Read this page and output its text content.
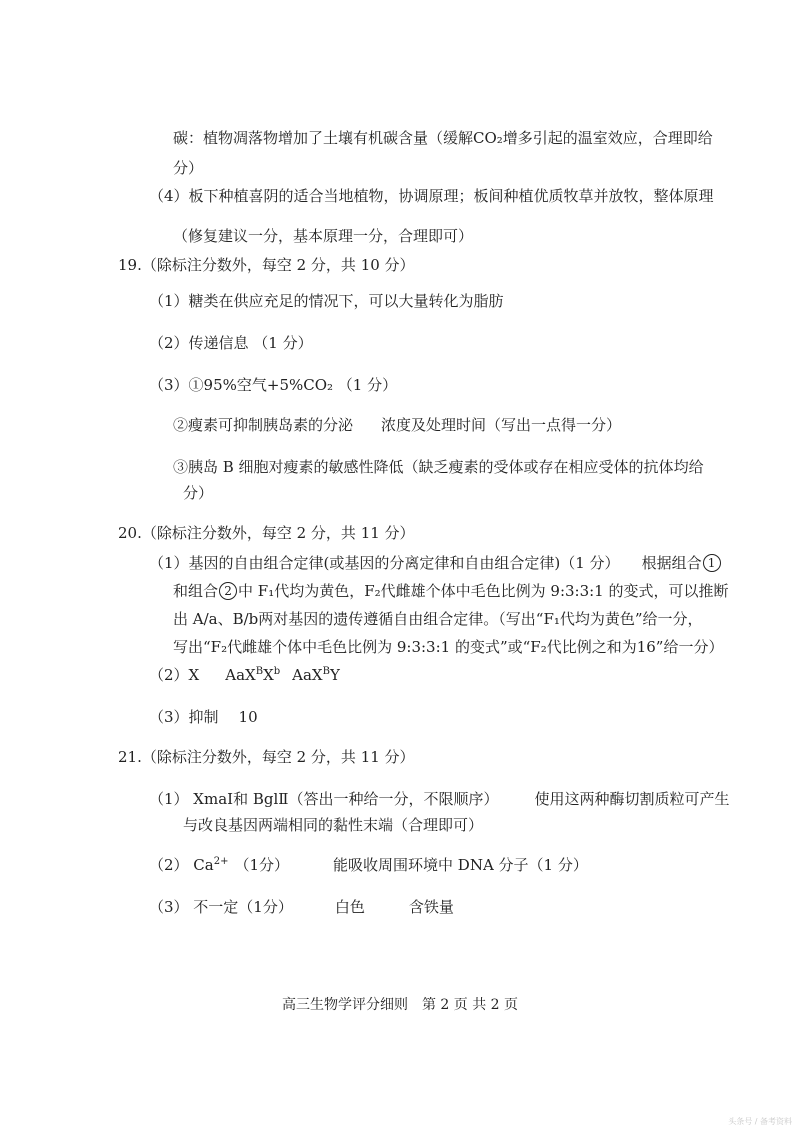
碳：植物凋落物增加了土壤有机碳含量（缓解CO₂增多引起的温室效应，合理即给
分）
（4）板下种植喜阴的适合当地植物，协调原理；板间种植优质牧草并放牧，整体原理
（修复建议一分，基本原理一分，合理即可）
19.（除标注分数外，每空 2 分，共 10 分）
（1）糖类在供应充足的情况下，可以大量转化为脂肪
（2）传递信息 （1 分）
（3）①95%空气+5%CO₂ （1 分）
②瘦素可抑制胰岛素的分泌 浓度及处理时间（写出一点得一分）
③胰岛 B 细胞对瘦素的敏感性降低（缺乏瘦素的受体或存在相应受体的抗体均给
分）
20.（除标注分数外，每空 2 分，共 11 分）
（1）基因的自由组合定律(或基因的分离定律和自由组合定律)（1 分） 根据组合 1
和组合 2 中 F₁代均为黄色，F₂代雌雄个体中毛色比例为 9:3:3:1 的变式，可以推断
出 A/a、B/b两对基因的遗传遵循自由组合定律。（写出“F₁代均为黄色”给一分，
写出“F₂代雌雄个体中毛色比例为 9:3:3:1 的变式”或“F₂代比例之和为16”给一分）
（2）X $AaX^BX^b$ AaX$^B$Y
（3）抑制 10
21.（除标注分数外，每空 2 分，共 11 分）
（1） XmaⅠ和 BglⅡ（答出一种给一分，不限顺序） 使用这两种酶切割质粒可产生
与改良基因两端相同的黏性末端（合理即可）
（2） $Ca^{2+}$ （1分）	能吸收周围环境中 DNA 分子（1 分）
（3） 不一定（1分）	白色	含铁量
高三生物学评分细则　第 2 页 共 2 页
头条号 / 备考资料
